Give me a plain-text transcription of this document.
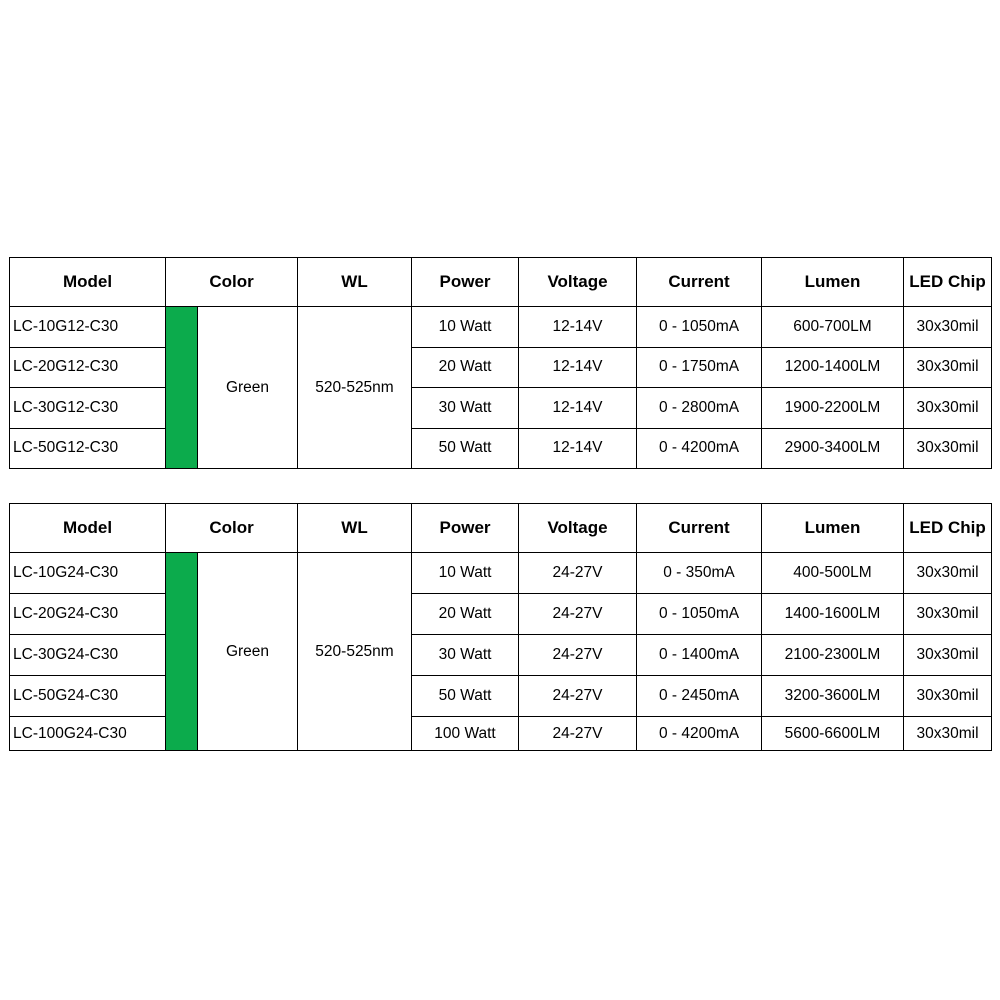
Model	Color		WL	Power	Voltage	Current	Lumen	LED Chip
LC-10G12-C30		Green	520-525nm	10 Watt	12-14V	0 - 1050mA	600-700LM	30x30mil
LC-20G12-C30				20 Watt	12-14V	0 - 1750mA	1200-1400LM	30x30mil
LC-30G12-C30				30 Watt	12-14V	0 - 2800mA	1900-2200LM	30x30mil
LC-50G12-C30				50 Watt	12-14V	0 - 4200mA	2900-3400LM	30x30mil
Model	Color		WL	Power	Voltage	Current	Lumen	LED Chip
LC-10G24-C30		Green	520-525nm	10 Watt	24-27V	0 - 350mA	400-500LM	30x30mil
LC-20G24-C30				20 Watt	24-27V	0 - 1050mA	1400-1600LM	30x30mil
LC-30G24-C30				30 Watt	24-27V	0 - 1400mA	2100-2300LM	30x30mil
LC-50G24-C30				50 Watt	24-27V	0 - 2450mA	3200-3600LM	30x30mil
LC-100G24-C30				100 Watt	24-27V	0 - 4200mA	5600-6600LM	30x30mil
